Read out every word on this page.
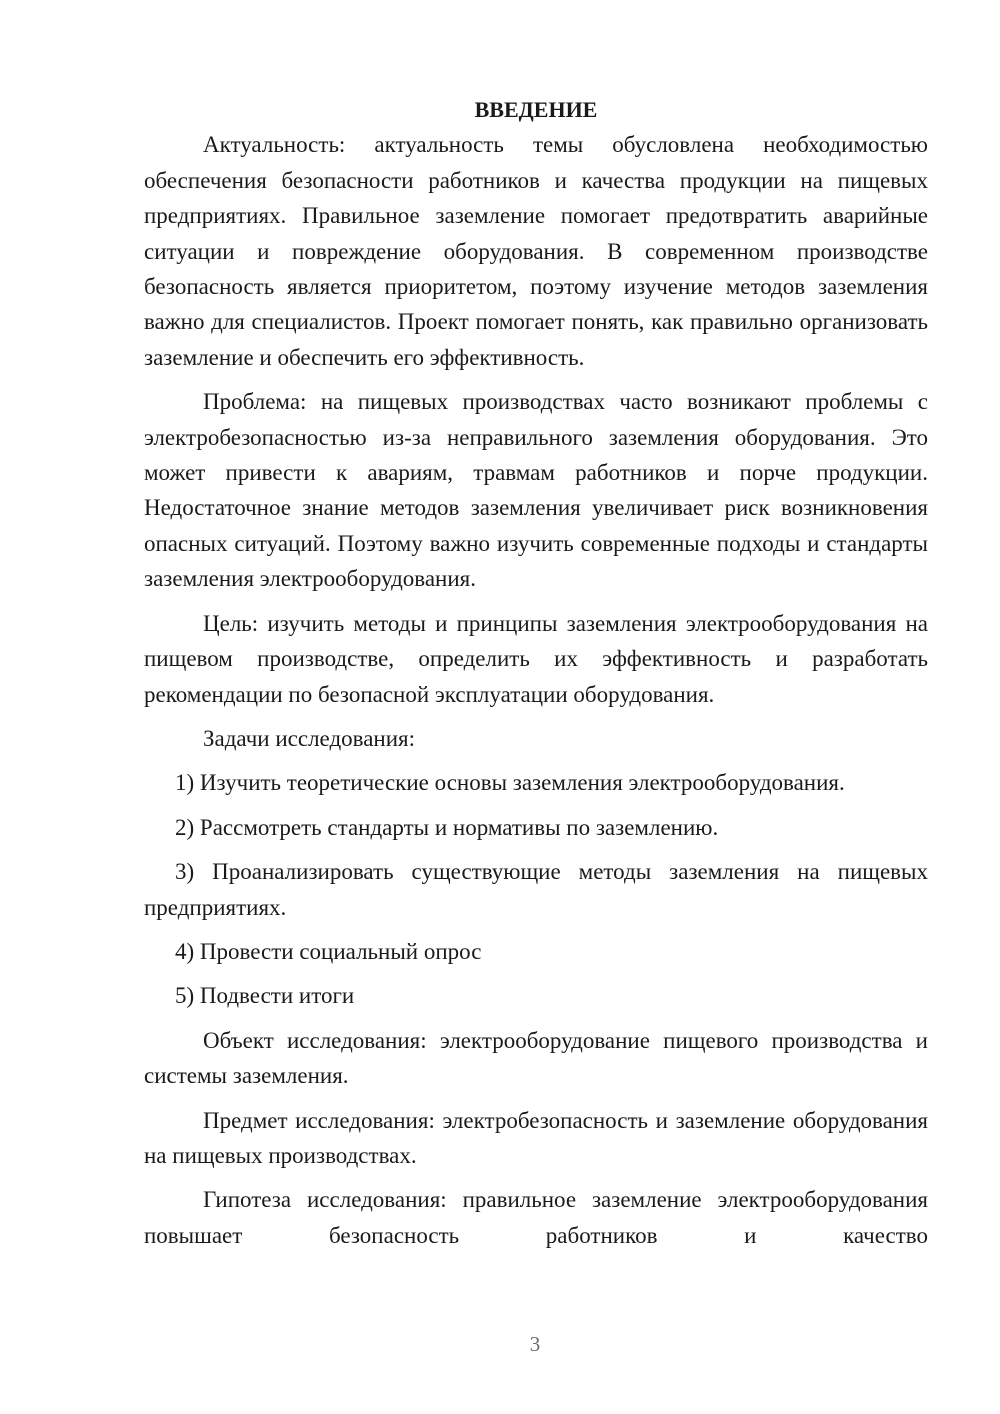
ВВЕДЕНИЕ

Актуальность: актуальность темы обусловлена необходимостью обеспечения безопасности работников и качества продукции на пищевых предприятиях. Правильное заземление помогает предотвратить аварийные ситуации и повреждение оборудования. В современном производстве безопасность является приоритетом, поэтому изучение методов заземления важно для специалистов. Проект помогает понять, как правильно организовать заземление и обеспечить его эффективность.

Проблема: на пищевых производствах часто возникают проблемы с электробезопасностью из-за неправильного заземления оборудования. Это может привести к авариям, травмам работников и порче продукции. Недостаточное знание методов заземления увеличивает риск возникновения опасных ситуаций. Поэтому важно изучить современные подходы и стандарты заземления электрооборудования.

Цель: изучить методы и принципы заземления электрооборудования на пищевом производстве, определить их эффективность и разработать рекомендации по безопасной эксплуатации оборудования.

Задачи исследования:

1) Изучить теоретические основы заземления электрооборудования.

2) Рассмотреть стандарты и нормативы по заземлению.

3) Проанализировать существующие методы заземления на пищевых предприятиях.

4) Провести социальный опрос

5) Подвести итоги

Объект исследования: электрооборудование пищевого производства и системы заземления.

Предмет исследования: электробезопасность и заземление оборудования на пищевых производствах.

Гипотеза исследования: правильное заземление электрооборудования повышает безопасность работников и качество

3
